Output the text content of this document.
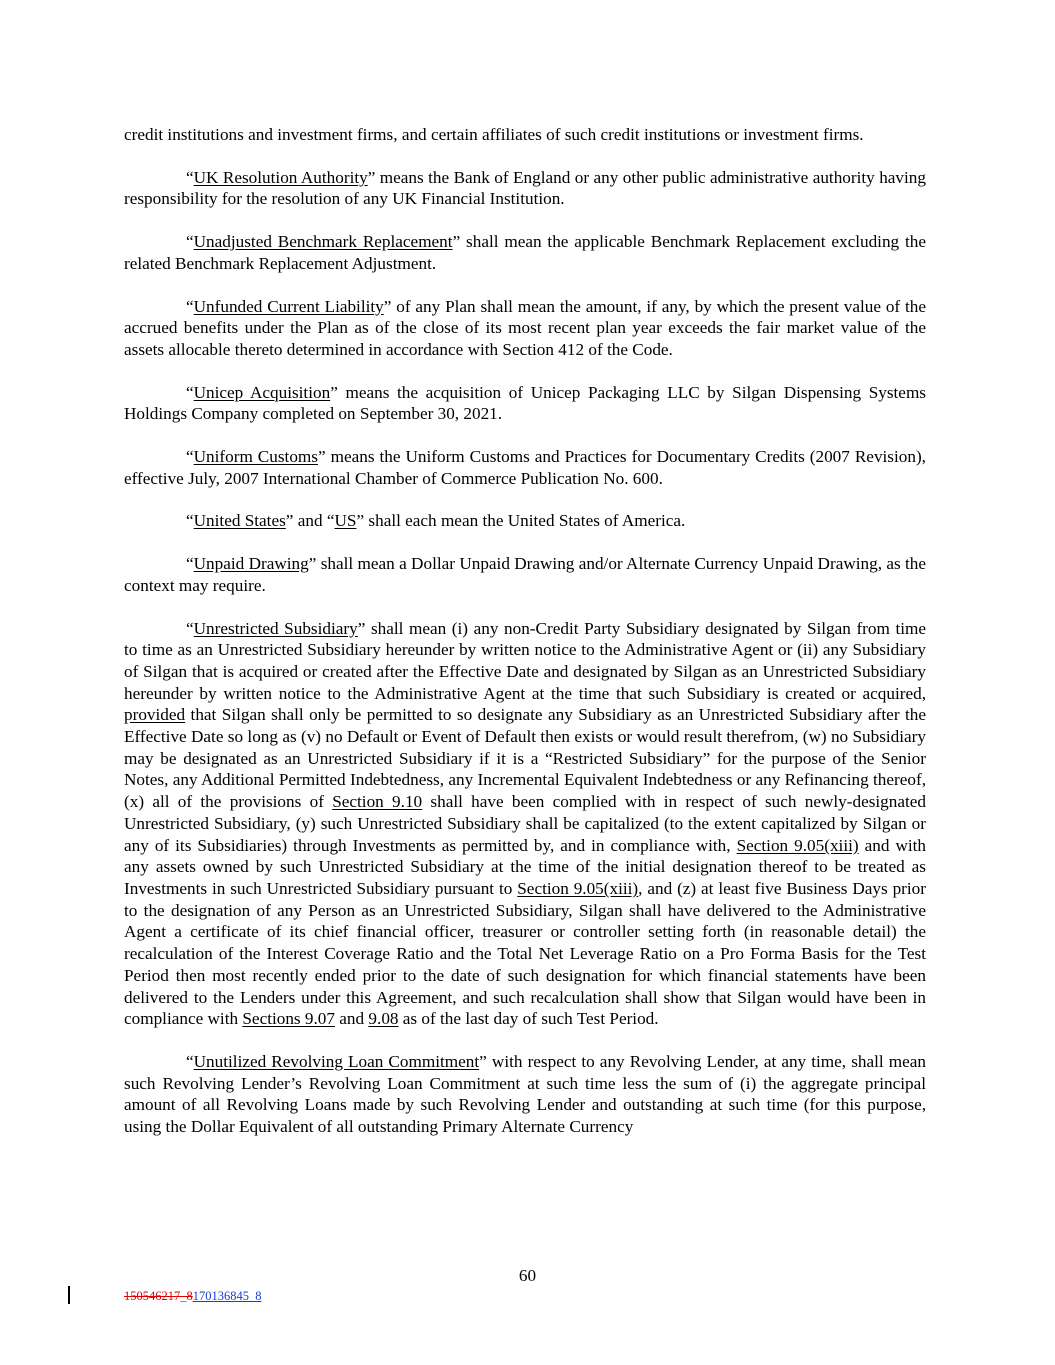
credit institutions and investment firms, and certain affiliates of such credit institutions or investment firms.

“UK Resolution Authority” means the Bank of England or any other public administrative authority having responsibility for the resolution of any UK Financial Institution.

“Unadjusted Benchmark Replacement” shall mean the applicable Benchmark Replacement excluding the related Benchmark Replacement Adjustment.

“Unfunded Current Liability” of any Plan shall mean the amount, if any, by which the present value of the accrued benefits under the Plan as of the close of its most recent plan year exceeds the fair market value of the assets allocable thereto determined in accordance with Section 412 of the Code.

“Unicep Acquisition” means the acquisition of Unicep Packaging LLC by Silgan Dispensing Systems Holdings Company completed on September 30, 2021.

“Uniform Customs” means the Uniform Customs and Practices for Documentary Credits (2007 Revision), effective July, 2007 International Chamber of Commerce Publication No. 600.

“United States” and “US” shall each mean the United States of America.

“Unpaid Drawing” shall mean a Dollar Unpaid Drawing and/or Alternate Currency Unpaid Drawing, as the context may require.

“Unrestricted Subsidiary” shall mean (i) any non-Credit Party Subsidiary designated by Silgan from time to time as an Unrestricted Subsidiary hereunder by written notice to the Administrative Agent or (ii) any Subsidiary of Silgan that is acquired or created after the Effective Date and designated by Silgan as an Unrestricted Subsidiary hereunder by written notice to the Administrative Agent at the time that such Subsidiary is created or acquired, provided that Silgan shall only be permitted to so designate any Subsidiary as an Unrestricted Subsidiary after the Effective Date so long as (v) no Default or Event of Default then exists or would result therefrom, (w) no Subsidiary may be designated as an Unrestricted Subsidiary if it is a “Restricted Subsidiary” for the purpose of the Senior Notes, any Additional Permitted Indebtedness, any Incremental Equivalent Indebtedness or any Refinancing thereof, (x) all of the provisions of Section 9.10 shall have been complied with in respect of such newly-designated Unrestricted Subsidiary, (y) such Unrestricted Subsidiary shall be capitalized (to the extent capitalized by Silgan or any of its Subsidiaries) through Investments as permitted by, and in compliance with, Section 9.05(xiii) and with any assets owned by such Unrestricted Subsidiary at the time of the initial designation thereof to be treated as Investments in such Unrestricted Subsidiary pursuant to Section 9.05(xiii), and (z) at least five Business Days prior to the designation of any Person as an Unrestricted Subsidiary, Silgan shall have delivered to the Administrative Agent a certificate of its chief financial officer, treasurer or controller setting forth (in reasonable detail) the recalculation of the Interest Coverage Ratio and the Total Net Leverage Ratio on a Pro Forma Basis for the Test Period then most recently ended prior to the date of such designation for which financial statements have been delivered to the Lenders under this Agreement, and such recalculation shall show that Silgan would have been in compliance with Sections 9.07 and 9.08 as of the last day of such Test Period.

“Unutilized Revolving Loan Commitment” with respect to any Revolving Lender, at any time, shall mean such Revolving Lender’s Revolving Loan Commitment at such time less the sum of (i) the aggregate principal amount of all Revolving Loans made by such Revolving Lender and outstanding at such time (for this purpose, using the Dollar Equivalent of all outstanding Primary Alternate Currency

60
150546217_8170136845_8
